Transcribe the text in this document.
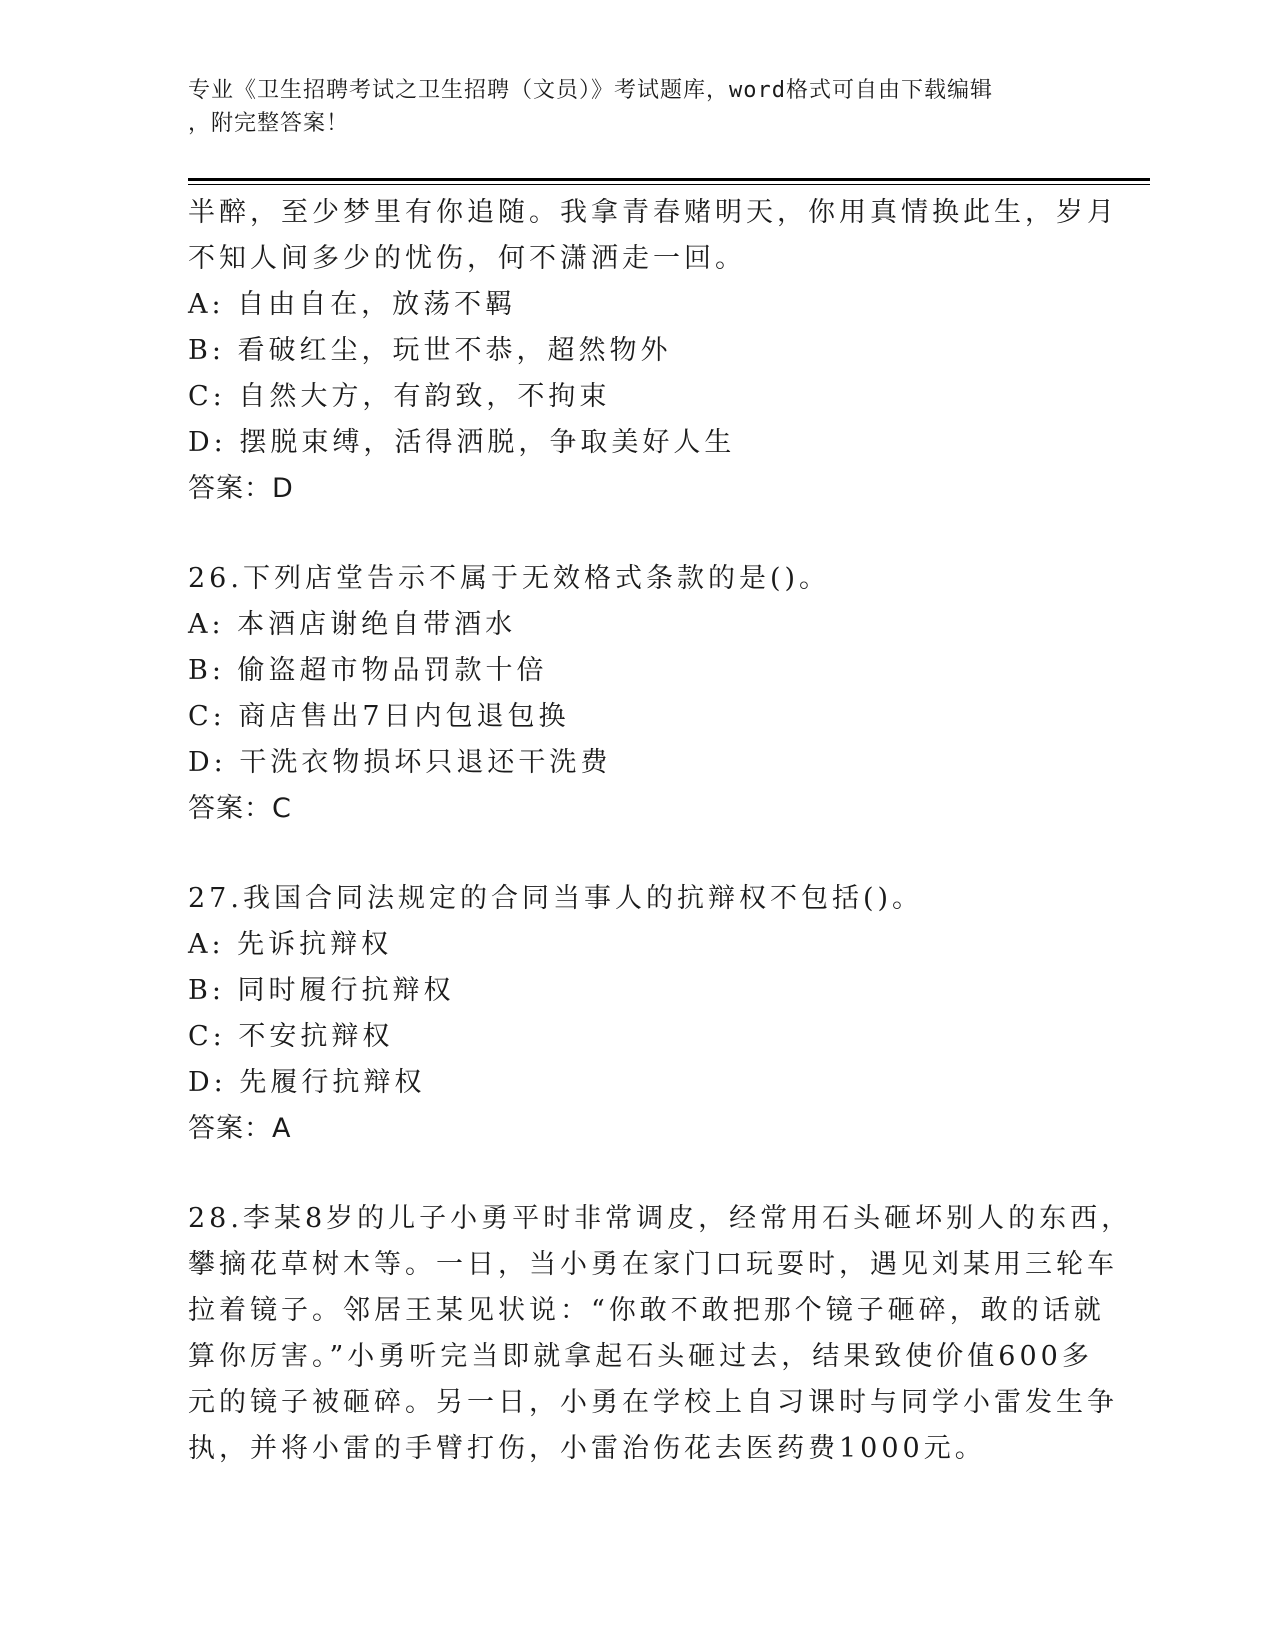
专业《卫生招聘考试之卫生招聘（文员）》考试题库，word格式可自由下载编辑
，附完整答案！
半醉，至少梦里有你追随。我拿青春赌明天，你用真情换此生，岁月
不知人间多少的忧伤，何不潇洒走一回。
A: 自由自在，放荡不羁
B: 看破红尘，玩世不恭，超然物外
C: 自然大方，有韵致，不拘束
D: 摆脱束缚，活得洒脱，争取美好人生
答案：D
26.下列店堂告示不属于无效格式条款的是()。
A: 本酒店谢绝自带酒水
B: 偷盗超市物品罚款十倍
C: 商店售出7日内包退包换
D: 干洗衣物损坏只退还干洗费
答案：C
27.我国合同法规定的合同当事人的抗辩权不包括()。
A: 先诉抗辩权
B: 同时履行抗辩权
C: 不安抗辩权
D: 先履行抗辩权
答案：A
28.李某8岁的儿子小勇平时非常调皮，经常用石头砸坏别人的东西，
攀摘花草树木等。一日，当小勇在家门口玩耍时，遇见刘某用三轮车
拉着镜子。邻居王某见状说：“你敢不敢把那个镜子砸碎，敢的话就
算你厉害。”小勇听完当即就拿起石头砸过去，结果致使价值600多
元的镜子被砸碎。另一日，小勇在学校上自习课时与同学小雷发生争
执，并将小雷的手臂打伤，小雷治伤花去医药费1000元。
